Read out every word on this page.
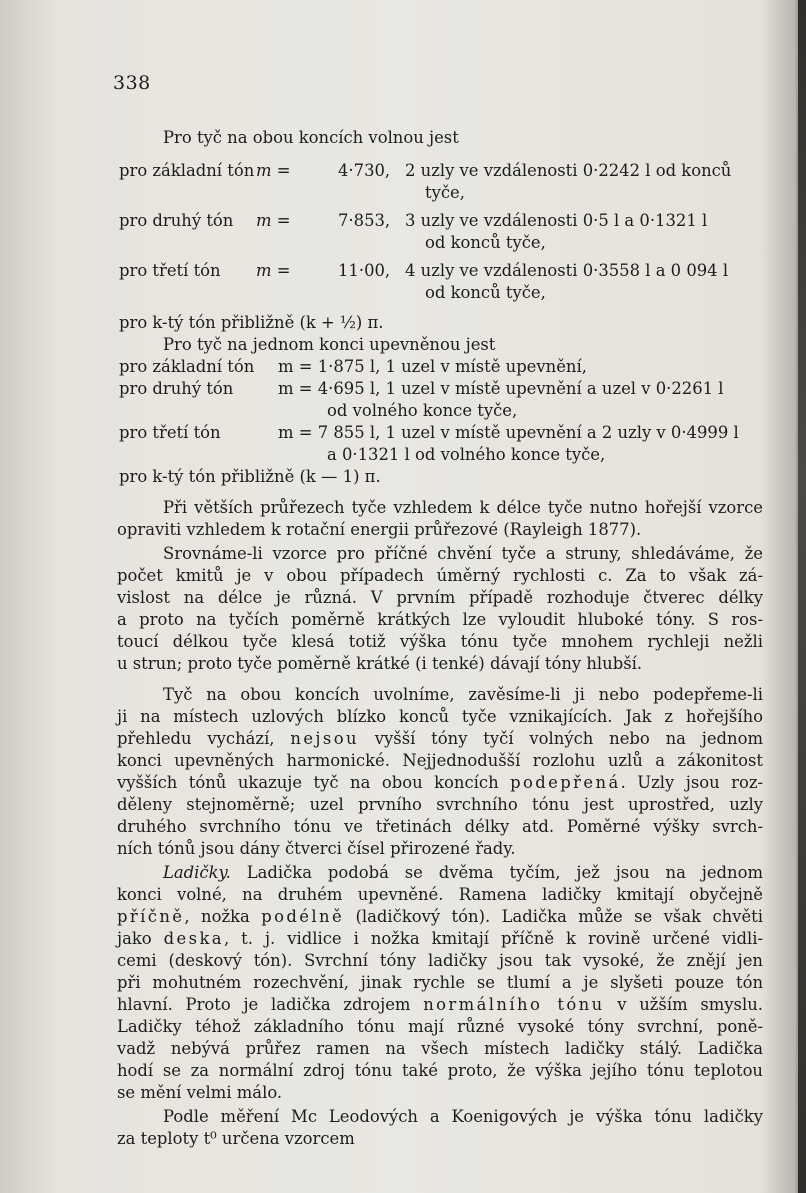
338
Pro tyč na obou koncích volnou jest
pro základní tón m =	4·730, 2 uzly ve vzdálenosti 0·2242 l od konců
tyče,
pro druhý tón m =	7·853, 3 uzly ve vzdálenosti 0·5 l a 0·1321 l
od konců tyče,
pro třetí tón m =	11·00, 4 uzly ve vzdálenosti 0·3558 l a 0 094 l
od konců tyče,
pro k-tý tón přibližně (k + ½) π.
Pro tyč na jednom konci upevněnou jest
pro základní tón m = 1·875 l, 1 uzel v místě upevnění,
pro druhý tón	m = 4·695 l, 1 uzel v místě upevnění a uzel v 0·2261 l
od volného konce tyče,
pro třetí tón	m = 7 855 l, 1 uzel v místě upevnění a 2 uzly v 0·4999 l
a 0·1321 l od volného konce tyče,
pro k-tý tón přibližně (k — 1) π.
Při větších průřezech tyče vzhledem k délce tyče nutno hořejší vzorce
opraviti vzhledem k rotační energii průřezové (Rayleigh 1877).
Srovnáme-li vzorce pro příčné chvění tyče a struny, shledáváme, že
počet kmitů je v obou případech úměrný rychlosti c. Za to však zá-
vislost na délce je různá. V prvním případě rozhoduje čtverec délky
a proto na tyčích poměrně krátkých lze vyloudit hluboké tóny. S ros-
toucí délkou tyče klesá totiž výška tónu tyče mnohem rychleji nežli
u strun; proto tyče poměrně krátké (i tenké) dávají tóny hlubší.
Tyč na obou koncích uvolníme, zavěsíme-li ji nebo podepřeme-li
ji na místech uzlových blízko konců tyče vznikajících. Jak z hořejšího
přehledu vychází, nejsou vyšší tóny tyčí volných nebo na jednom
konci upevněných harmonické. Nejjednodušší rozlohu uzlů a zákonitost
vyšších tónů ukazuje tyč na obou koncích podepřená. Uzly jsou roz-
děleny stejnoměrně; uzel prvního svrchního tónu jest uprostřed, uzly
druhého svrchního tónu ve třetinách délky atd. Poměrné výšky svrch-
ních tónů jsou dány čtverci čísel přirozené řady.
Ladičky. Ladička podobá se dvěma tyčím, jež jsou na jednom
konci volné, na druhém upevněné. Ramena ladičky kmitají obyčejně
příčně, nožka podélně (ladičkový tón). Ladička může se však chvěti
jako deska, t. j. vidlice i nožka kmitají příčně k rovině určené vidli-
cemi (deskový tón). Svrchní tóny ladičky jsou tak vysoké, že znějí jen
při mohutném rozechvění, jinak rychle se tlumí a je slyšeti pouze tón
hlavní. Proto je ladička zdrojem normálního tónu v užším smyslu.
Ladičky téhož základního tónu mají různé vysoké tóny svrchní, poně-
vadž nebývá průřez ramen na všech místech ladičky stálý. Ladička
hodí se za normální zdroj tónu také proto, že výška jejího tónu teplotou
se mění velmi málo.
Podle měření Mc Leodových a Koenigových je výška tónu ladičky
za teploty t⁰ určena vzorcem
